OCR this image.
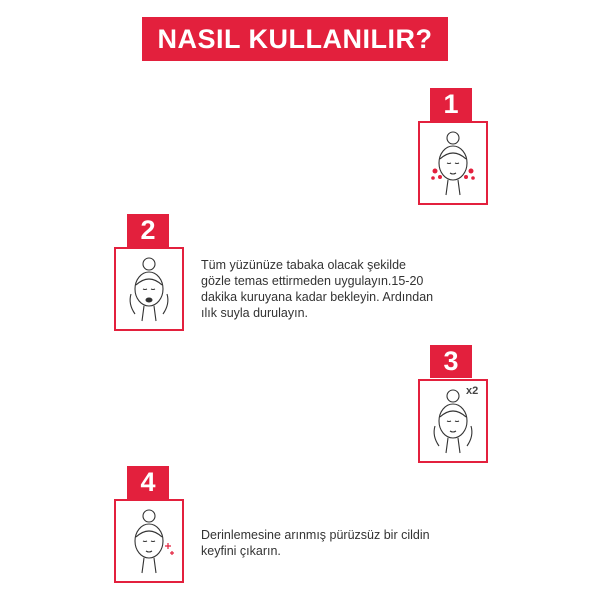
NASIL KULLANILIR?
1
2
Tüm yüzünüze tabaka olacak şekilde
gözle temas ettirmeden uygulayın.15-20
dakika kuruyana kadar bekleyin. Ardından
ılık suyla durulayın.
3
x2
4
Derinlemesine arınmış pürüzsüz bir cildin
keyfini çıkarın.
